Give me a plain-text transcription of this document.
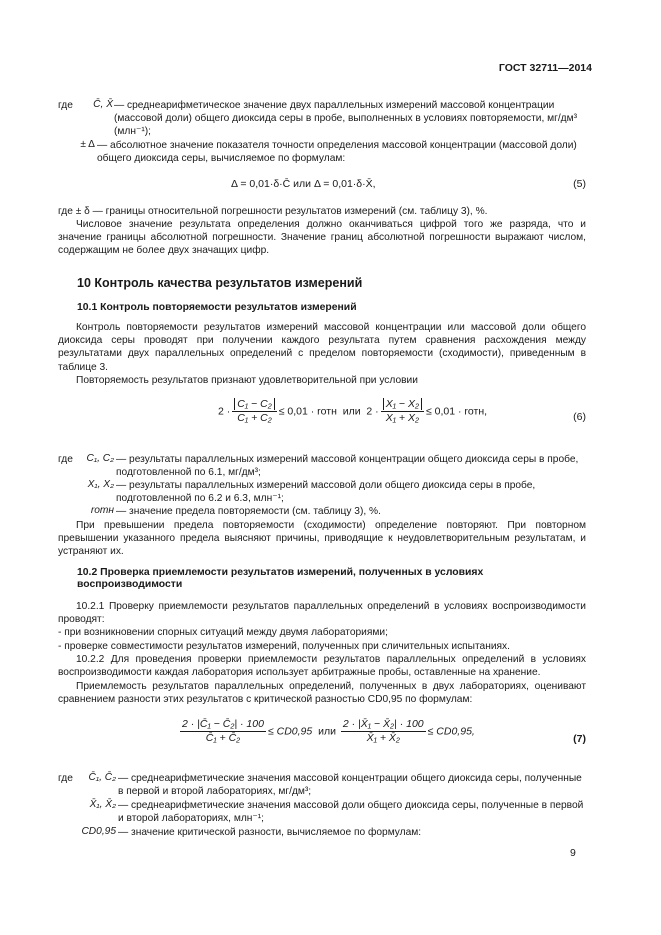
ГОСТ 32711—2014
где	C̄, X̄ — среднеарифметическое значение двух параллельных измерений массовой концентрации (массовой доли) общего диоксида серы в пробе, выполненных в условиях повторяемости, мг/дм³ (млн⁻¹);
± Δ — абсолютное значение показателя точности определения массовой концентрации (массовой доли) общего диоксида серы, вычисляемое по формулам:
Δ = 0,01·δ·C̄ или Δ = 0,01·δ·X̄,	(5)
где ± δ — границы относительной погрешности результатов измерений (см. таблицу 3), %.
Числовое значение результата определения должно оканчиваться цифрой того же разряда, что и значение границы абсолютной погрешности. Значение границ абсолютной погрешности выражают числом, содержащим не более двух значащих цифр.
10 Контроль качества результатов измерений
10.1 Контроль повторяемости результатов измерений
Контроль повторяемости результатов измерений массовой концентрации или массовой доли общего диоксида серы проводят при получении каждого результата путем сравнения расхождения между результатами двух параллельных определений с пределом повторяемости (сходимости), приведенным в таблице 3.
Повторяемость результатов признают удовлетворительной при условии
$2 \cdot \frac{\text{C₁ − C₂}}{\text{C₁ + C₂}} \le 0,01$ · rотн или  $2 \cdot \frac{\text{X₁ − X₂}}{\text{X₁ + X₂}} \le 0,01$ · rотн,	(6)
где	C₁, C₂ — результаты параллельных измерений массовой концентрации общего диоксида серы в пробе, подготовленной по 6.1, мг/дм³;
X₁, X₂ — результаты параллельных измерений массовой доли общего диоксида серы в пробе, подготовленной по 6.2 и 6.3, млн⁻¹;
rотн — значение предела повторяемости (см. таблицу 3), %.
При превышении предела повторяемости (сходимости) определение повторяют. При повторном превышении указанного предела выясняют причины, приводящие к неудовлетворительным результатам, и устраняют их.
10.2 Проверка приемлемости результатов измерений, полученных в условиях воспроизводимости
10.2.1 Проверку приемлемости результатов параллельных определений в условиях воспроизводимости проводят:
- при возникновении спорных ситуаций между двумя лабораториями;
- проверке совместимости результатов измерений, полученных при сличительных испытаниях.
10.2.2 Для проведения проверки приемлемости результатов параллельных определений в условиях воспроизводимости каждая лаборатория использует арбитражные пробы, оставленные на хранение.
Приемлемость результатов параллельных определений, полученных в двух лабораториях, оценивают сравнением разности этих результатов с критической разностью CD0,95 по формулам:
$\frac{\text{2 · |C̄₁ − C̄₂| · 100}}{\text{C̄₁ + C̄₂}} \le CD0,95$ или $\frac{\text{2 · |X̄₁ − X̄₂| · 100}}{\text{X̄₁ + X̄₂}} \le CD0,95$,
(7)
где	C̄₁, C̄₂ — среднеарифметические значения массовой концентрации общего диоксида серы, полученные в первой и второй лабораториях, мг/дм³;
X̄₁, X̄₂ — среднеарифметические значения массовой доли общего диоксида серы, полученные в первой и второй лабораториях, млн⁻¹;
CD0,95 — значение критической разности, вычисляемое по формулам:
9
